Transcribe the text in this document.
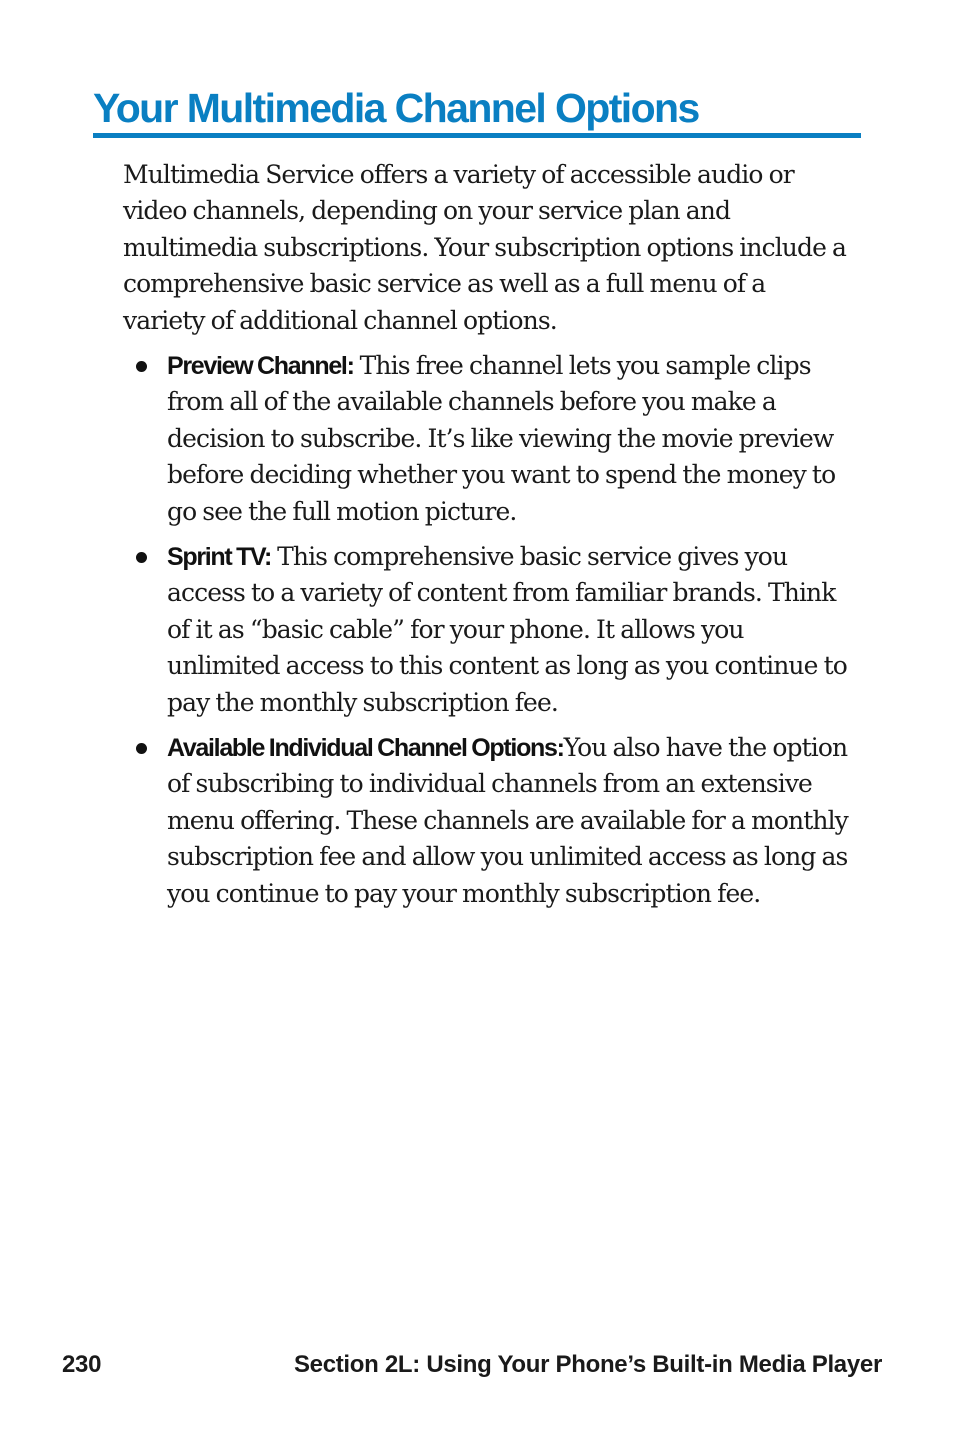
Your Multimedia Channel Options

Multimedia Service offers a variety of accessible audio or video channels, depending on your service plan and multimedia subscriptions. Your subscription options include a comprehensive basic service as well as a full menu of a variety of additional channel options.

Preview Channel: This free channel lets you sample clips from all of the available channels before you make a decision to subscribe. It’s like viewing the movie preview before deciding whether you want to spend the money to go see the full motion picture.
Sprint TV: This comprehensive basic service gives you access to a variety of content from familiar brands. Think of it as “basic cable” for your phone. It allows you unlimited access to this content as long as you continue to pay the monthly subscription fee.
Available Individual Channel Options:You also have the option of subscribing to individual channels from an extensive menu offering. These channels are available for a monthly subscription fee and allow you unlimited access as long as you continue to pay your monthly subscription fee.
230	Section 2L: Using Your Phone’s Built-in Media Player
